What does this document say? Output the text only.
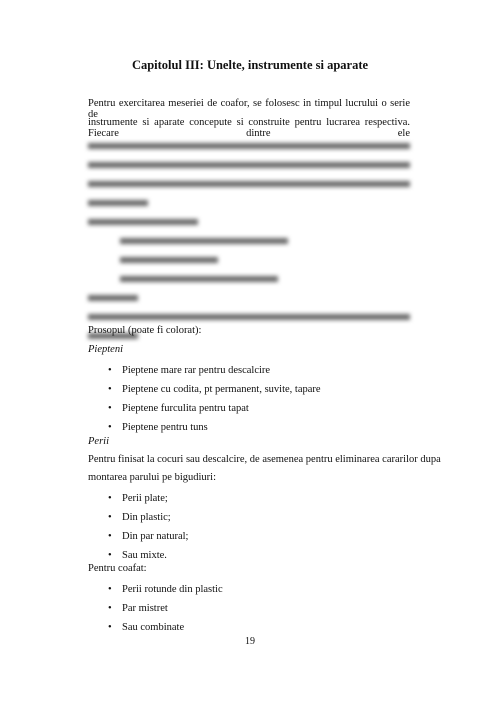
Capitolul III: Unelte, instrumente si aparate

Pentru exercitarea meseriei de coafor, se folosesc in timpul lucrului o serie de

instrumente si aparate concepute si construite pentru lucrarea respectiva. Fiecare dintre ele

Prosopul (poate fi colorat):

Piepteni

• Pieptene mare rar pentru descalcire
• Pieptene cu codita, pt permanent, suvite, tapare
• Pieptene furculita pentru tapat
• Pieptene pentru tuns

Perii

Pentru finisat la cocuri sau descalcire, de asemenea pentru eliminarea cararilor dupa

montarea parului pe bigudiuri:

• Perii plate;
• Din plastic;
• Din par natural;
• Sau mixte.

Pentru coafat:

• Perii rotunde din plastic
• Par mistret
• Sau combinate
19
